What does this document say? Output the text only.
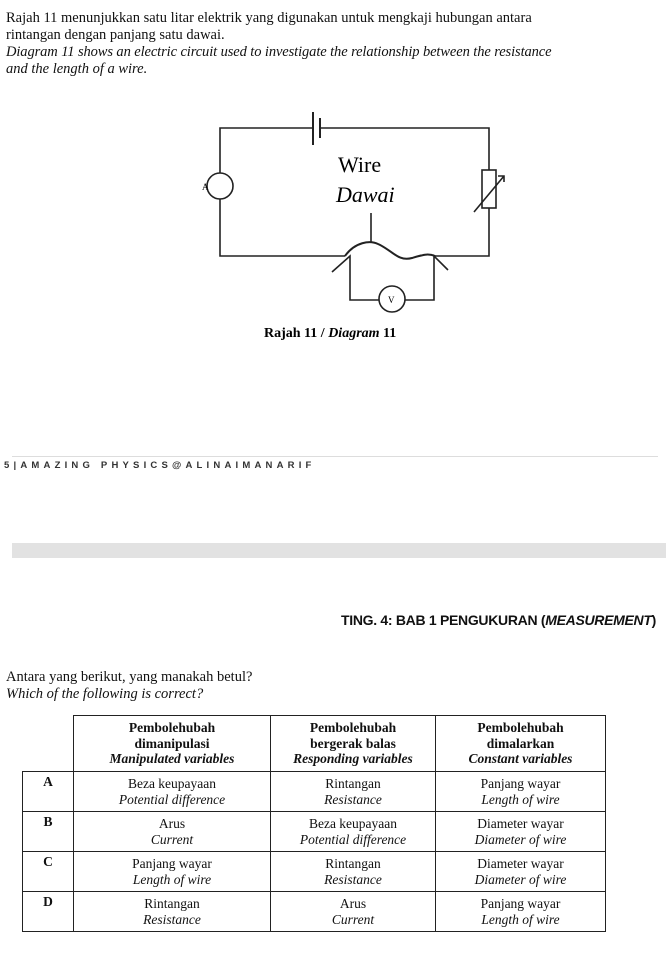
Rajah 11 menunjukkan satu litar elektrik yang digunakan untuk mengkaji hubungan antara
rintangan dengan panjang satu dawai.
Diagram 11 shows an electric circuit used to investigate the relationship between the resistance
and the length of a wire.
A
V
Wire
Dawai
Rajah 11 / Diagram 11
5|AMAZING PHYSICS@ALINAIMANARIF
TING. 4: BAB 1 PENGUKURAN (MEASUREMENT)
Antara yang berikut, yang manakah betul?
Which of the following is correct?
	Pembolehubah
dimanipulasi
Manipulated variables	Pembolehubah
bergerak balas
Responding variables	Pembolehubah
dimalarkan
Constant variables
A	Beza keupayaan
Potential difference	Rintangan
Resistance	Panjang wayar
Length of wire
B	Arus
Current	Beza keupayaan
Potential difference	Diameter wayar
Diameter of wire
C	Panjang wayar
Length of wire	Rintangan
Resistance	Diameter wayar
Diameter of wire
D	Rintangan
Resistance	Arus
Current	Panjang wayar
Length of wire
